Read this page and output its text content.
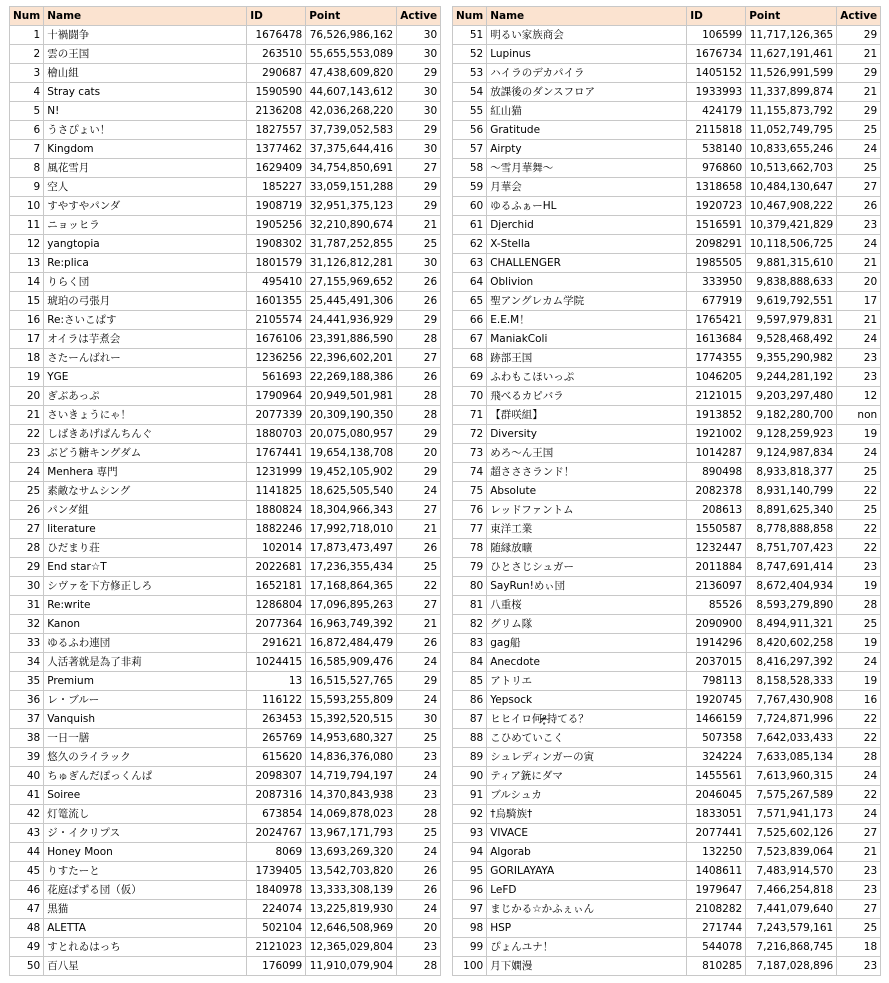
Num	Name	ID	Point	Active
1	十禍闘争	1676478	76,526,986,162	30
2	雲の王国	263510	55,655,553,089	30
3	檜山組	290687	47,438,609,820	29
4	Stray cats	1590590	44,607,143,612	30
5	N!	2136208	42,036,268,220	30
6	うさぴょい！	1827557	37,739,052,583	29
7	Kingdom	1377462	37,375,644,416	30
8	風花雪月	1629409	34,754,850,691	27
9	空人	185227	33,059,151,288	29
10	すやすやパンダ	1908719	32,951,375,123	29
11	ニョッヒラ	1905256	32,210,890,674	21
12	yangtopia	1908302	31,787,252,855	25
13	Re:plica	1801579	31,126,812,281	30
14	りらく団	495410	27,155,969,652	26
15	琥珀の弓張月	1601355	25,445,491,306	26
16	Re:さいこぱす	2105574	24,441,936,929	29
17	オイラは芋煮会	1676106	23,391,886,590	28
18	さたーんばれー	1236256	22,396,602,201	27
19	YGE	561693	22,269,188,386	26
20	ぎぶあっぷ	1790964	20,949,501,981	28
21	さいきょうにゃ！	2077339	20,309,190,350	28
22	しばきあげぱんちんぐ	1880703	20,075,080,957	29
23	ぶどう糖キングダム	1767441	19,654,138,708	20
24	Menhera 専門	1231999	19,452,105,902	29
25	素敵なサムシング	1141825	18,625,505,540	24
26	パンダ組	1880824	18,304,966,343	27
27	literature	1882246	17,992,718,010	21
28	ひだまり荘	102014	17,873,473,497	26
29	End star☆T	2022681	17,236,355,434	25
30	シヴァを下方修正しろ	1652181	17,168,864,365	22
31	Re:write	1286804	17,096,895,263	27
32	Kanon	2077364	16,963,749,392	21
33	ゆるふわ連団	291621	16,872,484,479	26
34	人活著就是為了非莉	1024415	16,585,909,476	24
35	Premium	13	16,515,527,765	29
36	レ・ブルー	116122	15,593,255,809	24
37	Vanquish	263453	15,392,520,515	30
38	一日一膳	265769	14,953,680,327	25
39	悠久のライラック	615620	14,836,376,080	23
40	ちゅぎんだぽっくんぱ	2098307	14,719,794,197	24
41	Soiree	2087316	14,370,843,938	23
42	灯篭流し	673854	14,069,878,023	28
43	ジ・イクリプス	2024767	13,967,171,793	25
44	Honey Moon	8069	13,693,269,320	24
45	りすたーと	1739405	13,542,703,820	26
46	花庭ぱずる団（仮）	1840978	13,333,308,139	26
47	黒猫	224074	13,225,819,930	24
48	ALETTA	502104	12,646,508,969	20
49	すとれゐはっち	2121023	12,365,029,804	23
50	百八星	176099	11,910,079,904	28
Num	Name	ID	Point	Active
51	明るい家族商会	106599	11,717,126,365	29
52	Lupinus	1676734	11,627,191,461	21
53	ハイラのデカパイラ	1405152	11,526,991,599	29
54	放課後のダンスフロア	1933993	11,337,899,874	21
55	紅山猫	424179	11,155,873,792	29
56	Gratitude	2115818	11,052,749,795	25
57	Airpty	538140	10,833,655,246	24
58	〜雪月華舞〜	976860	10,513,662,703	25
59	月華会	1318658	10,484,130,647	27
60	ゆるふぁーHL	1920723	10,467,908,222	26
61	Djerchid	1516591	10,379,421,829	23
62	X-Stella	2098291	10,118,506,725	24
63	CHALLENGER	1985505	9,881,315,610	21
64	Oblivion	333950	9,838,888,633	20
65	聖アングレカム学院	677919	9,619,792,551	17
66	E.E.M！	1765421	9,597,979,831	21
67	ManiakColi	1613684	9,528,468,492	24
68	跡部王国	1774355	9,355,290,982	23
69	ふわもこほいっぷ	1046205	9,244,281,192	23
70	飛べるカピバラ	2121015	9,203,297,480	12
71	【群咲組】	1913852	9,182,280,700	non
72	Diversity	1921002	9,128,259,923	19
73	めろ〜ん王国	1014287	9,124,987,834	24
74	超さささランド！	890498	8,933,818,377	25
75	Absolute	2082378	8,931,140,799	22
76	レッドファントム	208613	8,891,625,340	25
77	東洋工業	1550587	8,778,888,858	22
78	随縁放曠	1232447	8,751,707,423	22
79	ひとさじシュガー	2011884	8,747,691,414	23
80	SayRun!めぃ団	2136097	8,672,404,934	19
81	八重桜	85526	8,593,279,890	28
82	グリム隊	2090900	8,494,911,321	25
83	gag船	1914296	8,420,602,258	19
84	Anecdote	2037015	8,416,297,392	24
85	アトリエ	798113	8,158,528,333	19
86	Yepsock	1920745	7,767,430,908	16
87	ヒヒイロ何ᵒ̴̶̷̥持てる？	1466159	7,724,871,996	22
88	こひめていこく	507358	7,642,033,433	22
89	シュレディンガーの寅	324224	7,633,085,134	28
90	ティア銃にダマ	1455561	7,613,960,315	24
91	ブルシュカ	2046045	7,575,267,589	22
92	†烏騎族†	1833051	7,571,941,173	24
93	VIVACE	2077441	7,525,602,126	27
94	Algorab	132250	7,523,839,064	21
95	GORILAYAYA	1408611	7,483,914,570	23
96	LeFD	1979647	7,466,254,818	23
97	まじかる☆かふぇぃん	2108282	7,441,079,640	27
98	HSP	271744	7,243,579,161	25
99	ぴょんユナ！	544078	7,216,868,745	18
100	月下嫺漫	810285	7,187,028,896	23
